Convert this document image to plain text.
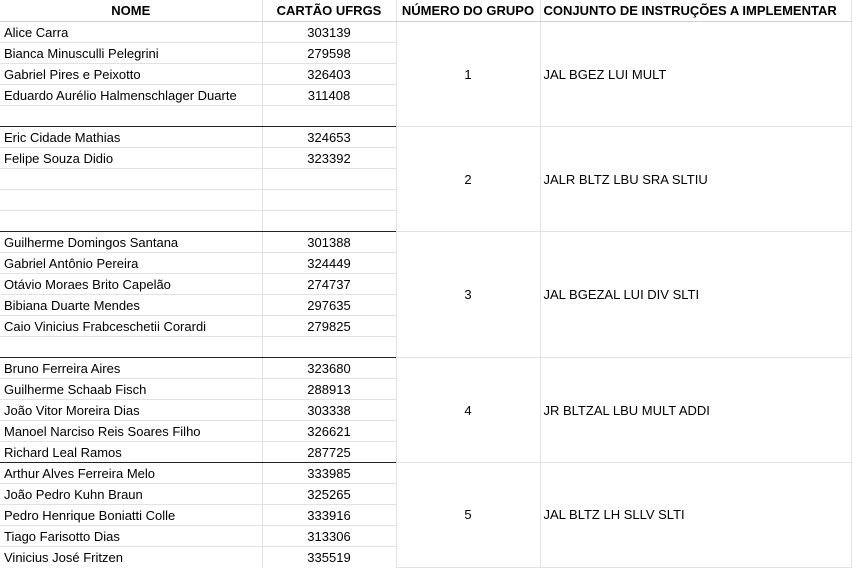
NOME	CARTÃO UFRGS	NÚMERO DO GRUPO	CONJUNTO DE INSTRUÇÕES A IMPLEMENTAR
Alice Carra	303139	1	JAL BGEZ LUI MULT
Bianca Minusculli Pelegrini	279598		
Gabriel Pires e Peixotto	326403		
Eduardo Aurélio Halmenschlager Duarte	311408		

Eric Cidade Mathias	324653	2	JALR BLTZ LBU SRA SLTIU
Felipe Souza Didio	323392		

Guilherme Domingos Santana	301388	3	JAL BGEZAL LUI DIV SLTI
Gabriel Antônio Pereira	324449		
Otávio Moraes Brito Capelão	274737		
Bibiana Duarte Mendes	297635		
Caio Vinicius Frabceschetii Corardi	279825		

Bruno Ferreira Aires	323680	4	JR BLTZAL LBU MULT ADDI
Guilherme Schaab Fisch	288913		
João Vitor Moreira Dias	303338		
Manoel Narciso Reis Soares Filho	326621		
Richard Leal Ramos	287725		
Arthur Alves Ferreira Melo	333985	5	JAL BLTZ LH SLLV SLTI
João Pedro Kuhn Braun	325265		
Pedro Henrique Boniatti Colle	333916		
Tiago Farisotto Dias	313306		
Vinicius José Fritzen	335519		
